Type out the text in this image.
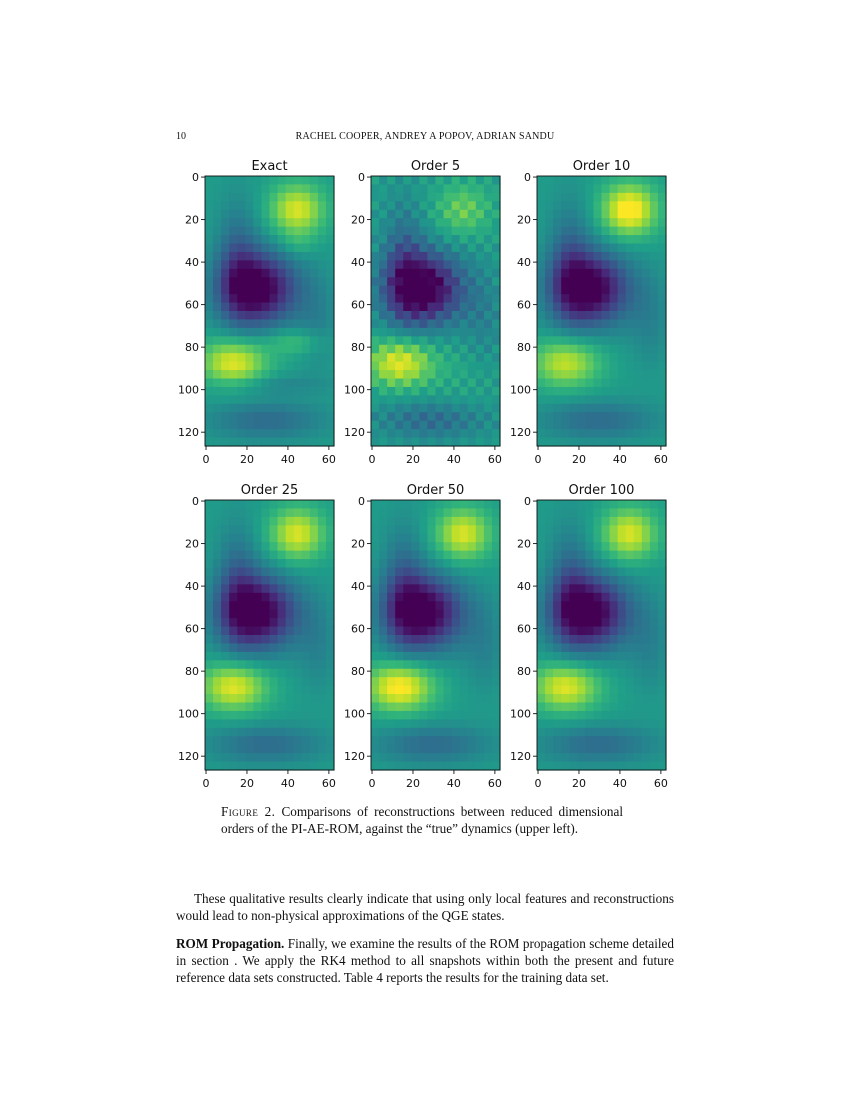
10	RACHEL COOPER, ANDREY A POPOV, ADRIAN SANDU
Exact
0
20
40
60
80
100
120
0	20 40 60
Order 5
0
20
40
60
80
100
120
0	20 40 60
Order 10
0
20
40
60
80
100
120
0	20 40 60
Order 25
0
20
40
60
80
100
120
0	20 40 60
Order 50
0
20
40
60
80
100
120
0	20 40 60
Order 100
0
20
40
60
80
100
120
0	20 40 60
Figure 2. Comparisons of reconstructions between reduced dimensional orders of the PI-AE-ROM, against the “true” dynamics (upper left).

These qualitative results clearly indicate that using only local features and reconstructions would lead to non-physical approximations of the QGE states.

ROM Propagation. Finally, we examine the results of the ROM propagation scheme detailed in section . We apply the RK4 method to all snapshots within both the present and future reference data sets constructed. Table 4 reports the results for the training data set.
